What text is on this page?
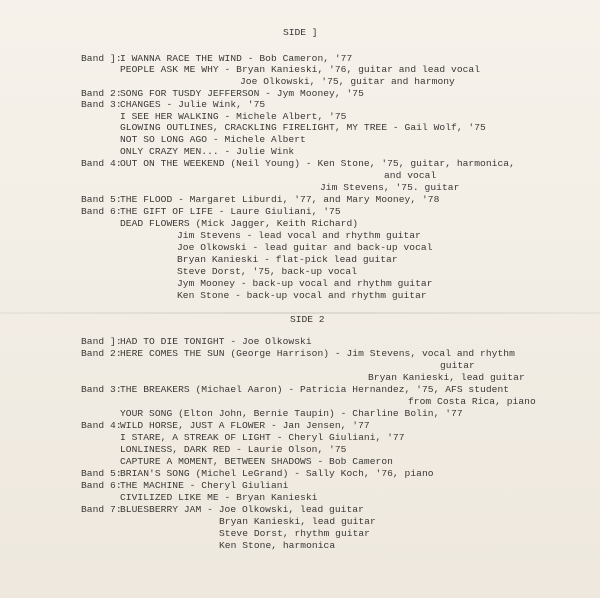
SIDE ]
Band ]:
I WANNA RACE THE WIND - Bob Cameron, '77
PEOPLE ASK ME WHY - Bryan Kanieski, '76, guitar and lead vocal
Joe Olkowski, '75, guitar and harmony
Band 2:
SONG FOR TUSDY JEFFERSON - Jym Mooney, '75
Band 3:
CHANGES - Julie Wink, '75
I SEE HER WALKING - Michele Albert, '75
GLOWING OUTLINES, CRACKLING FIRELIGHT, MY TREE - Gail Wolf, '75
NOT SO LONG AGO - Michele Albert
ONLY CRAZY MEN... - Julie Wink
Band 4:
OUT ON THE WEEKEND (Neil Young) - Ken Stone, '75, guitar, harmonica,
and vocal
Jim Stevens, '75. guitar
Band 5:
THE FLOOD - Margaret Liburdi, '77, and Mary Mooney, '78
Band 6:
THE GIFT OF LIFE - Laure Giuliani, '75
DEAD FLOWERS (Mick Jagger, Keith Richard)
Jim Stevens - lead vocal and rhythm guitar
Joe Olkowski - lead guitar and back-up vocal
Bryan Kanieski - flat-pick lead guitar
Steve Dorst, '75, back-up vocal
Jym Mooney - back-up vocal and rhythm guitar
Ken Stone - back-up vocal and rhythm guitar
SIDE 2
Band ]:
HAD TO DIE TONIGHT - Joe Olkowski
Band 2:
HERE COMES THE SUN (George Harrison) - Jim Stevens, vocal and rhythm
guitar
Bryan Kanieski, lead guitar
Band 3:
THE BREAKERS (Michael Aaron) - Patricia Hernandez, '75, AFS student
from Costa Rica, piano
YOUR SONG (Elton John, Bernie Taupin) - Charline Bolin, '77
Band 4:
WILD HORSE, JUST A FLOWER - Jan Jensen, '77
I STARE, A STREAK OF LIGHT - Cheryl Giuliani, '77
LONLINESS, DARK RED - Laurie Olson, '75
CAPTURE A MOMENT, BETWEEN SHADOWS - Bob Cameron
Band 5:
BRIAN'S SONG (Michel LeGrand) - Sally Koch, '76, piano
Band 6:
THE MACHINE - Cheryl Giuliani
CIVILIZED LIKE ME - Bryan Kanieski
Band 7:
BLUESBERRY JAM - Joe Olkowski, lead guitar
Bryan Kanieski, lead guitar
Steve Dorst, rhythm guitar
Ken Stone, harmonica
